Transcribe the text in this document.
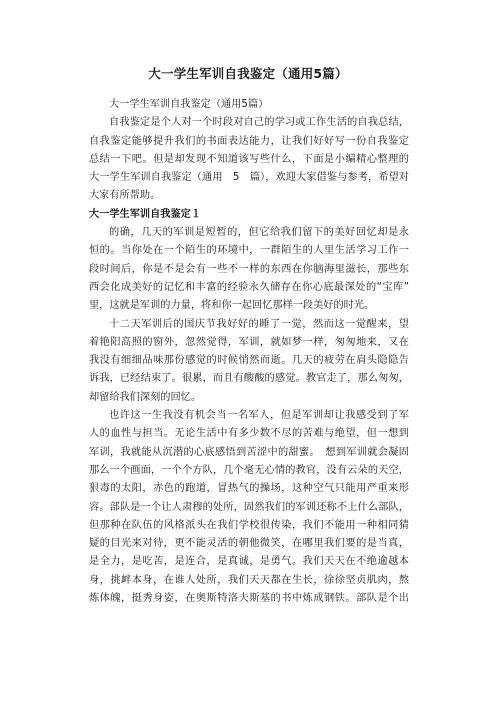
大一学生军训自我鉴定（通用5篇）
大一学生军训自我鉴定（通用5篇）
自我鉴定是个人对一个时段对自己的学习或工作生活的自我总结，
自我鉴定能够提升我们的书面表达能力，让我们好好写一份自我鉴定
总结一下吧。但是却发现不知道该写些什么，下面是小编精心整理的
大一学生军训自我鉴定（通用　5　篇），欢迎大家借鉴与参考，希望对
大家有所帮助。
大一学生军训自我鉴定１
的确，几天的军训是短暂的，但它给我们留下的美好回忆却是永
恒的。当你处在一个陌生的环境中，一群陌生的人里生活学习工作一
段时间后，你是不是会有一些不一样的东西在你脑海里滋长，那些东
西会化成美好的记忆和丰富的经验永久储存在你心底最深处的“宝库”
里，这就是军训的力量，将和你一起回忆那样一段美好的时光。
十二天军训后的国庆节我好好的睡了一觉，然而这一觉醒来，望
着艳阳高照的窗外，忽然觉得，军训，就如梦一样，匆匆地来，又在
我没有细细品味那份感觉的时候悄然而逝。几天的疲劳在肩头隐隐告
诉我，已经结束了。很累，而且有酸酸的感觉。教官走了，那么匆匆，
却留给我们深刻的回忆。
也许这一生我没有机会当一名军人，但是军训却让我感受到了军
人的血性与担当。无论生活中有多少数不尽的苦难与绝望，但一想到
军训，我就能从沉潜的心底感悟到苦涩中的甜蜜。　想到军训就会凝固
那么一个画面，一个个方队，几个毫无心情的教官，没有云朵的天空，
狠毒的太阳，赤色的跑道，冒热气的操场，这种空气只能用严重来形
容。部队是一个让人肃穆的处所，固然我们的军训还称不上什么部队，
但那种在队伍的风格派头在我们学校很传染，我们不能用一种相同猜
疑的目光来对待，更不能灵活的朝他微笑，在哪里我们要的是当真，
是全力，是吃苦，是连合，是真诚，是勇气。我们天天在不绝逾越本
身，挑衅本身，在谁人处所，我们天天都在生长，徐徐坚贞肌肉，熬
炼体魄，挺秀身姿，在奥斯特洛夫斯基的书中炼成钢铁。部队是个出
